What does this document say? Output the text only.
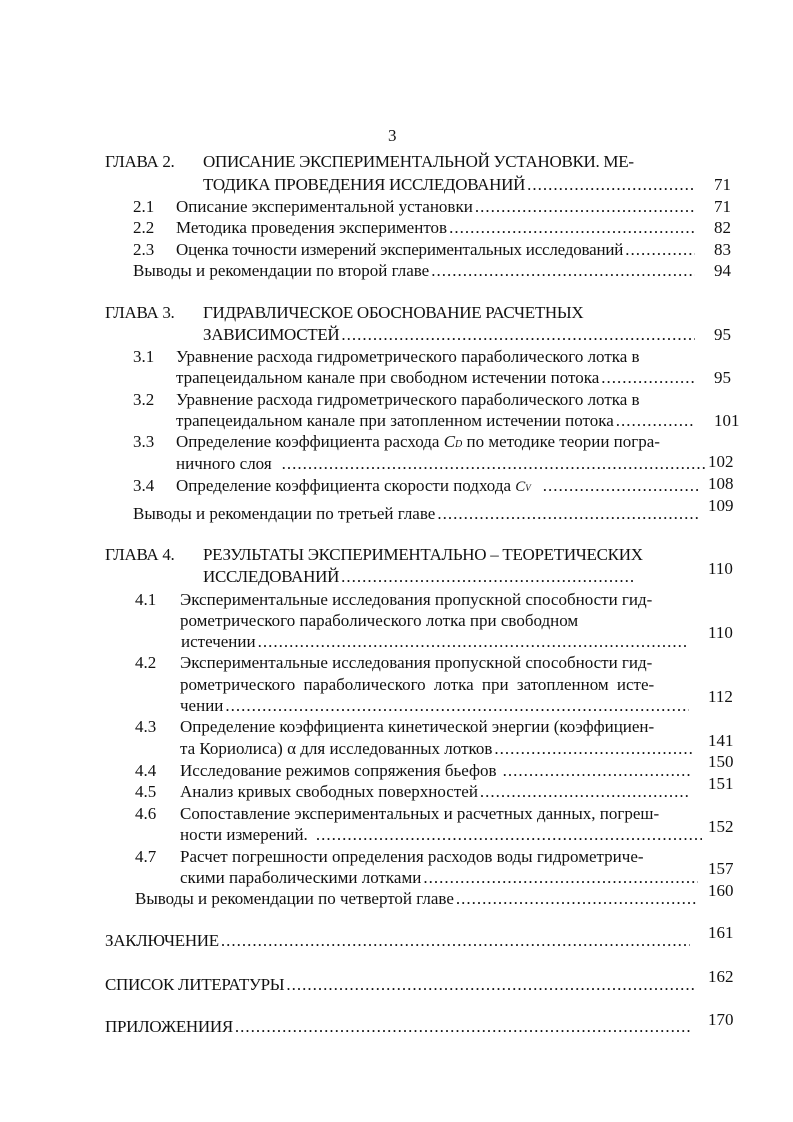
3
ГЛАВА 2. ОПИСАНИЕ ЭКСПЕРИМЕНТАЛЬНОЙ УСТАНОВКИ. МЕ-
ТОДИКА ПРОВЕДЕНИЯ ИССЛЕДОВАНИЙ .....	71
2.1 Описание экспериментальной установки .....	71
2.2 Методика проведения экспериментов .....	82
2.3 Оценка точности измерений экспериментальных исследований .....	83
Выводы и рекомендации по второй главе .....	94
ГЛАВА 3. ГИДРАВЛИЧЕСКОЕ ОБОСНОВАНИЕ РАСЧЕТНЫХ
ЗАВИСИМОСТЕЙ .....	95
3.1 Уравнение расхода гидрометрического параболического лотка в
трапецеидальном канале при свободном истечении потока .....	95
3.2 Уравнение расхода гидрометрического параболического лотка в
трапецеидальном канале при затопленном истечении потока .....	101
3.3 Определение коэффициента расхода
C D
по методике теории погра-
ничного слоя .....	102
3.4 Определение коэффициента скорости подхода
C V .....	108
Выводы и рекомендации по третьей главе .....	109
ГЛАВА 4. РЕЗУЛЬТАТЫ ЭКСПЕРИМЕНТАЛЬНО – ТЕОРЕТИЧЕСКИХ
ИССЛЕДОВАНИЙ .....	110
4.1 Экспериментальные исследования пропускной способности гид-
рометрического параболического лотка при свободном
истечении .....	110
4.2 Экспериментальные исследования пропускной способности гид-
рометрического параболического лотка при затопленном исте-
чении .....	112
4.3 Определение коэффициента кинетической энергии (коэффициен-
та Кориолиса) α для исследованных лотков .....	141
4.4 Исследование режимов сопряжения бьефов .....	150
4.5 Анализ кривых свободных поверхностей .....	151
4.6 Сопоставление экспериментальных и расчетных данных, погреш-
ности измерений. .....	152
4.7 Расчет погрешности определения расходов воды гидрометриче-
скими параболическими лотками .....	157
Выводы и рекомендации по четвертой главе .....	160
ЗАКЛЮЧЕНИЕ .....	161
СПИСОК ЛИТЕРАТУРЫ .....	162
ПРИЛОЖЕНИИЯ .....	170
